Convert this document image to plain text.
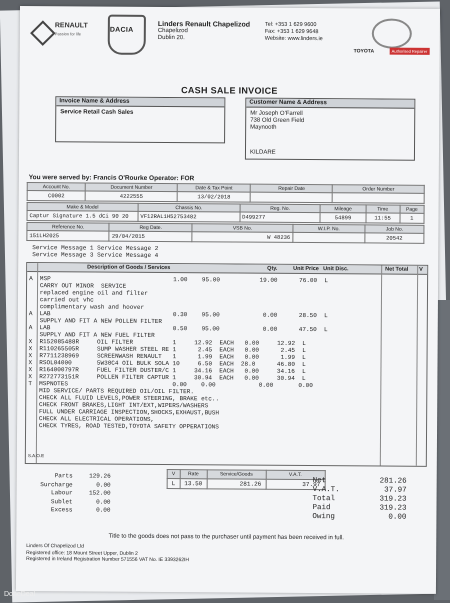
RENAULT
Passion for life
DACIA
Linders Renault Chapelizod
Chapelizod
Dublin 20.
Tel: +353 1 629 9600
Fax: +353 1 629 9648
Website: www.linders.ie
TOYOTA	Authorised Repairer
CASH SALE INVOICE
Invoice Name & Address
Service Retail Cash Sales
Customer Name & Address
Mr Joseph O'Farrell
738 Old Green Field
Maynooth
KILDARE
You were served by: Francis O'Rourke Operator: FOR
Account No.	Document Number	Date & Tax Point	Repair Date	Order Number
C0002	4222555	13/02/2018		
Make & Model	Chassis No.	Reg. No.	Mileage	Time	Page
Captur Signature 1.5 dCi 90 20	VF12RAL1H52753482	D499277	54899	11:55	1
Reference No.	Reg Date.	VSB No.	W.I.P. No.	Job No.
151LH2025	29/04/2015	W 48236		20542
Service Message 1 Service Message 2
Service Message 3 Service Message 4
Description of Goods / Services	Qty.	Unit Price Unit Disc.	Net Total V
A  MSP                                  1.00    95.00           19.00      76.00  L
CARRY OUT MINOR  SERVICE
replaced engine oil and filter
carried out vhc
complimentary wash and hoover
A  LAB                                  0.30    95.00            0.00      28.50  L
SUPPLY AND FIT A NEW POLLEN FILTER
A  LAB                                  0.50    95.00            0.00      47.50  L
SUPPLY AND FIT A NEW FUEL FILTER
X  R152085488R     OIL FILTER           1     12.92  EACH   0.00     12.92  L
X  R110265505R     SUMP WASHER STEEL RE 1      2.45  EACH   0.00      2.45  L
X  R7711238969     SCREENWASH RENAULT   1      1.99  EACH   0.00      1.99  L
X  RSOL04000       5W30C4 OIL BULK SOLA 10     6.50  EACH  28.0      46.80  L
X  R164000797R     FUEL FILTER DUSTER/C 1     34.16  EACH   0.00     34.16  L
X  R272773151R     POLLEN FILTER CAPTUR 1     30.94  EACH   0.00     30.94  L
T  MSPNOTES                             0.00    0.00            0.00       0.00
MID SERVICE/ PARTS REQUIRED OIL/OIL FILTER.
CHECK ALL FLUID LEVELS,POWER STEERING, BRAKE etc..
CHECK FRONT BRAKES,LIGHT INT/EXT,WIPERS/WASHERS
FULL UNDER CARRIAGE INSPECTION,SHOCKS,EXHAUST,BUSH
CHECK ALL ELECTRICAL OPERATIONS,
CHECK TYRES, ROAD TESTED,TOYOTA SAFETY OPPERATIONS
S.A.O.E
Parts	129.26
Surcharge	0.00
Labour	152.00
Sublet	0.00
Excess	0.00
V	Rate	Service/Goods	V.A.T.
L	13.50	281.26	37.97
Net	281.26
V.A.T.	37.97
Total	319.23
Paid	319.23
Owing	0.00
Title to the goods does not pass to the purchaser until payment has been received in full.
Linders Of Chapelizod Ltd
Registered office: 18 Mount Street Upper, Dublin 2
Registered in Ireland Registration Number 571556 VAT No. IE 3393262IH
DoneDeal
